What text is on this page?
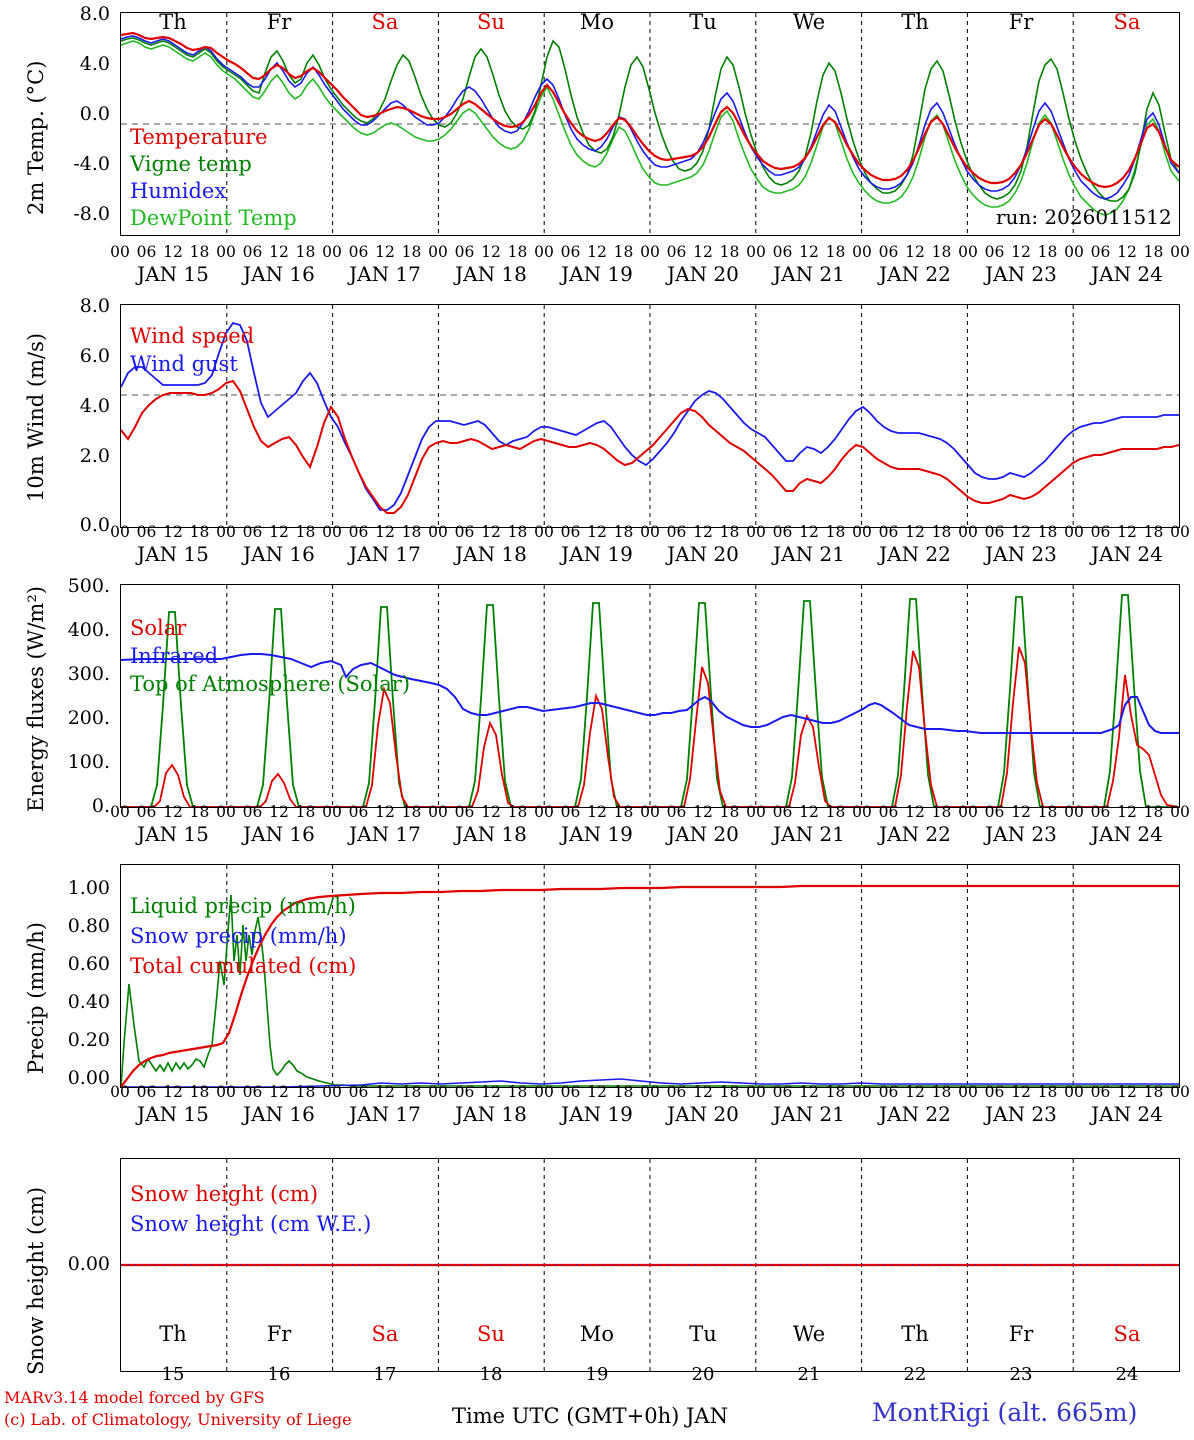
2m Temp. (°C)
8.0
4.0
0.0
-4.0
-8.0
Th	Fr	Sa	Su	Mo	Tu	We	Th	Fr	Sa
Temperature
Vigne temp
Humidex
DewPoint Temp	run: 2026011512
10m Wind (m/s)
8.0
6.0
4.0
2.0
0.0
Wind speed
Wind gust
Energy fluxes (W/m²)
500.
400.
300.
200.
100.
0.
Solar
Infrared
Top of Atmosphere (Solar)
Precip (mm/h)
1.00
0.80
0.60
0.40
0.20
0.00
Liquid precip (mm/h)
Snow precip (mm/h)
Total cumulated (cm)
Snow height (cm)	0.00
Snow height (cm)
Snow height (cm W.E.)
Th	Fr	Sa	Su	Mo	Tu	We	Th	Fr	Sa
00 06 12 18 00 06 12 18 00 06 12 18 00 06 12 18 00 06 12 18 00 06 12 18 00 06 12 18 00 06 12 18 00 06 12 18 00 06 12 18 00
JAN 15	JAN 16	JAN 17	JAN 18	JAN 19	JAN 20	JAN 21	JAN 22	JAN 23	JAN 24
00 06 12 18 00 06 12 18 00 06 12 18 00 06 12 18 00 06 12 18 00 06 12 18 00 06 12 18 00 06 12 18 00 06 12 18 00 06 12 18 00
JAN 15	JAN 16	JAN 17	JAN 18	JAN 19	JAN 20	JAN 21	JAN 22	JAN 23	JAN 24
00 06 12 18 00 06 12 18 00 06 12 18 00 06 12 18 00 06 12 18 00 06 12 18 00 06 12 18 00 06 12 18 00 06 12 18 00 06 12 18 00
JAN 15	JAN 16	JAN 17	JAN 18	JAN 19	JAN 20	JAN 21	JAN 22	JAN 23	JAN 24
00 06 12 18 00 06 12 18 00 06 12 18 00 06 12 18 00 06 12 18 00 06 12 18 00 06 12 18 00 06 12 18 00 06 12 18 00 06 12 18 00
JAN 15	JAN 16	JAN 17	JAN 18	JAN 19	JAN 20	JAN 21	JAN 22	JAN 23	JAN 24
15	16	17	18	19	20	21	22	23	24
MARv3.14 model forced by GFS
(c) Lab. of Climatology, University of Liege	Time UTC (GMT+0h) JAN	MontRigi (alt. 665m)
